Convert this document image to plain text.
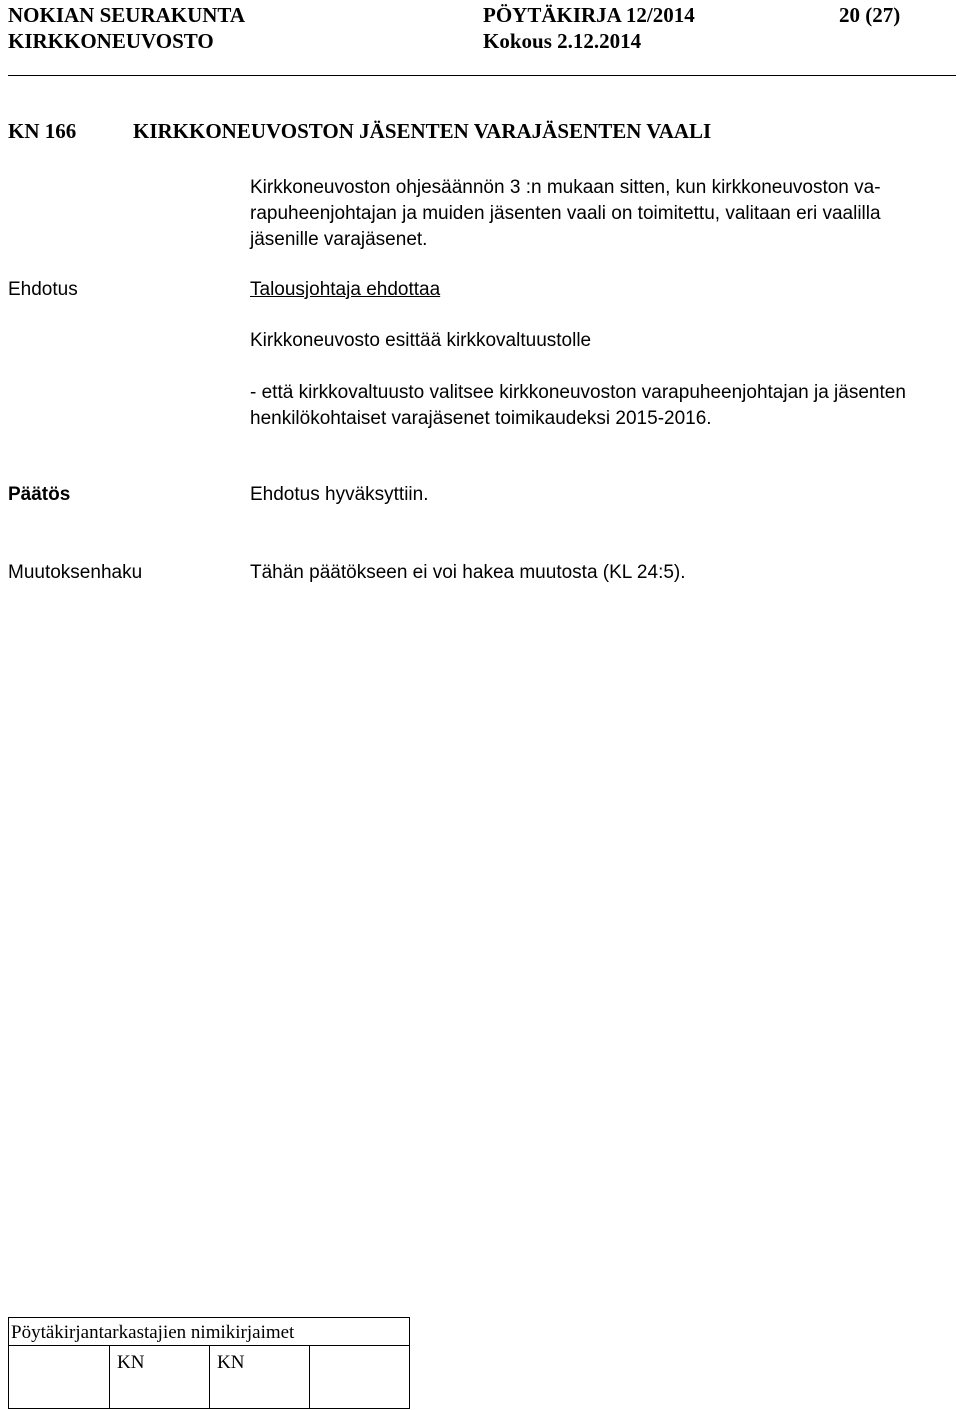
NOKIAN SEURAKUNTA	PÖYTÄKIRJA 12/2014	20 (27)
KIRKKONEUVOSTO	Kokous 2.12.2014
KN 166	KIRKKONEUVOSTON JÄSENTEN VARAJÄSENTEN VAALI
Kirkkoneuvoston ohjesäännön 3 :n mukaan sitten, kun kirkkoneuvoston va-
rapuheenjohtajan ja muiden jäsenten vaali on toimitettu, valitaan eri vaalilla
jäsenille varajäsenet.
Ehdotus	Talousjohtaja ehdottaa
Kirkkoneuvosto esittää kirkkovaltuustolle
- että kirkkovaltuusto valitsee kirkkoneuvoston varapuheenjohtajan ja jäsenten
henkilökohtaiset varajäsenet toimikaudeksi 2015-2016.
Päätös	Ehdotus hyväksyttiin.
Muutoksenhaku	Tähän päätökseen ei voi hakea muutosta (KL 24:5).
Pöytäkirjantarkastajien nimikirjaimet
KN	KN
